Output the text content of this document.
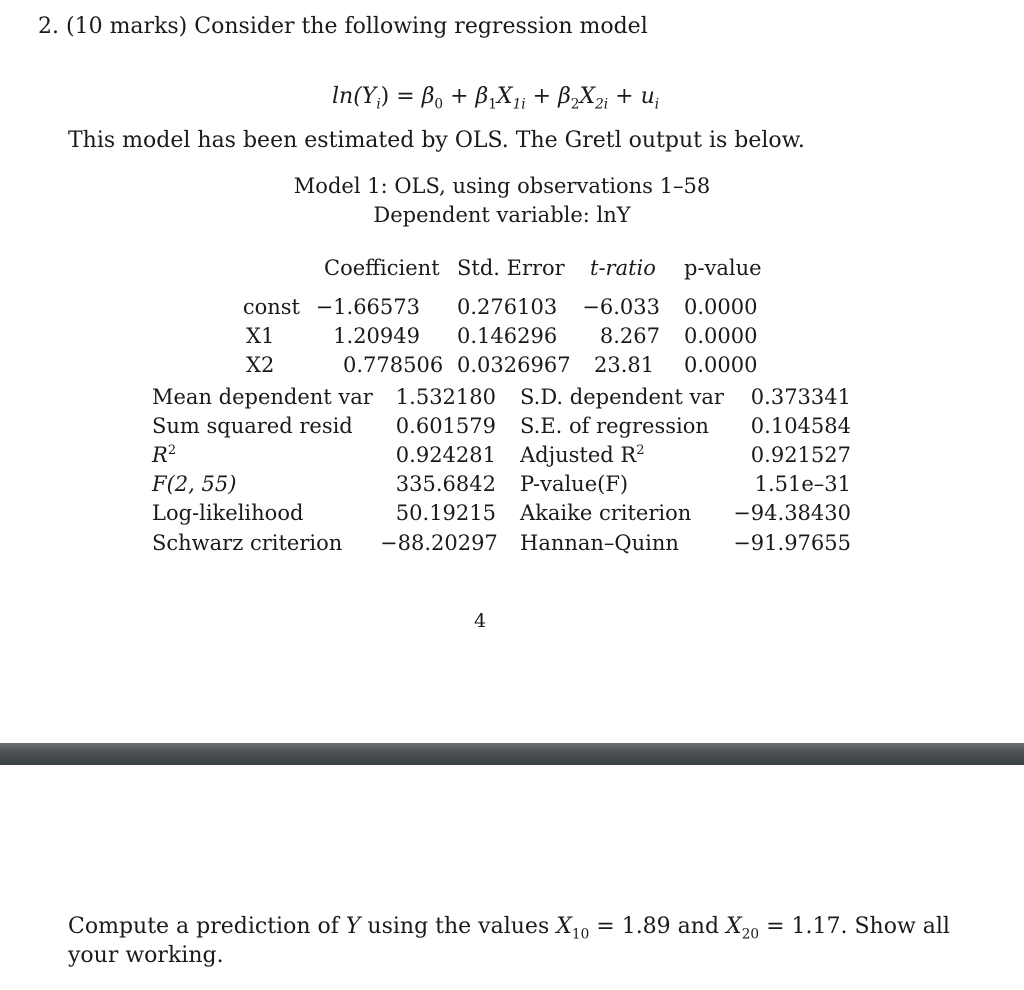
2. (10 marks) Consider the following regression model
$\ln(Y_i) = \beta_0 + \beta_1X_{1i} + \beta_2X_{2i} + u_i$
This model has been estimated by OLS. The Gretl output is below.
Model 1: OLS, using observations 1–58
Dependent variable: lnY
Coefficient Std. Error t-ratio p-value
const −1.66573 0.276103	−6.033 0.0000
X1	1.20949 0.146296	8.267 0.0000
X2	0.778506 0.0326967 23.81 0.0000
Mean dependent var	1.532180 S.D. dependent var	0.373341
Sum squared resid	0.601579 S.E. of regression	0.104584
$R^2$	0.924281 Adjusted $R^2$	0.921527
F(2, 55)	335.6842 P-value(F)	1.51e–31
Log-likelihood	50.19215 Akaike criterion	−94.38430
Schwarz criterion −88.20297 Hannan–Quinn	−91.97655
4
Compute a prediction of Y using the values $X_{10} = 1.89$ and $X_{20} = 1.17$. Show all
your working.
